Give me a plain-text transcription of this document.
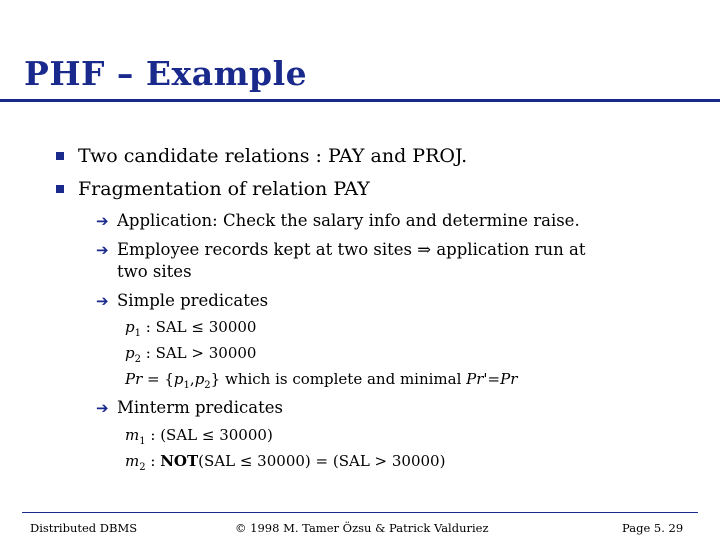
PHF – Example
Two candidate relations : PAY and PROJ.
Fragmentation of relation PAY
➔ Application: Check the salary info and determine raise.
➔ Employee records kept at two sites ⇒ application run at
two sites
➔ Simple predicates
$p_1$ : SAL ≤ 30000
$p_2$ : SAL > 30000
$Pr = \{p_1,p_2\}$ which is complete and minimal Pr'=Pr
➔ Minterm predicates
$m_1$ : (SAL ≤ 30000)
$m_2$ : NOT(SAL ≤ 30000) = (SAL > 30000)
Distributed DBMS	© 1998 M. Tamer Özsu & Patrick Valduriez	Page 5. 29
